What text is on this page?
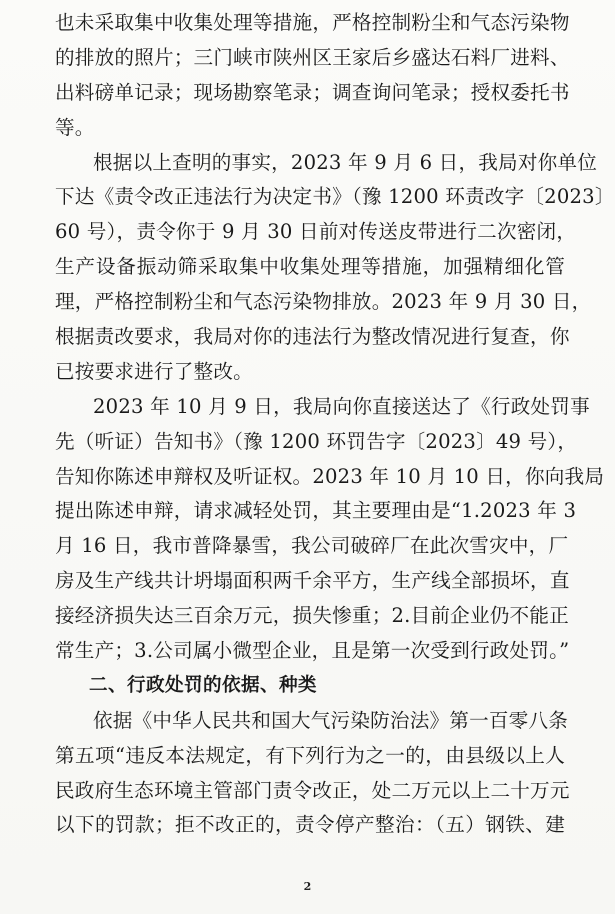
也未采取集中收集处理等措施，严格控制粉尘和气态污染物
的排放的照片；三门峡市陕州区王家后乡盛达石料厂进料、
出料磅单记录；现场勘察笔录；调查询问笔录；授权委托书
等。
根据以上查明的事实，2023 年 9 月 6 日，我局对你单位
下达《责令改正违法行为决定书》（豫 1200 环责改字〔2023〕
60 号），责令你于 9 月 30 日前对传送皮带进行二次密闭，
生产设备振动筛采取集中收集处理等措施，加强精细化管
理，严格控制粉尘和气态污染物排放。2023 年 9 月 30 日，
根据责改要求，我局对你的违法行为整改情况进行复查，你
已按要求进行了整改。
2023 年 10 月 9 日，我局向你直接送达了《行政处罚事
先（听证）告知书》（豫 1200 环罚告字〔2023〕49 号），
告知你陈述申辩权及听证权。2023 年 10 月 10 日，你向我局
提出陈述申辩，请求减轻处罚，其主要理由是“1.2023 年 3
月 16 日，我市普降暴雪，我公司破碎厂在此次雪灾中，厂
房及生产线共计坍塌面积两千余平方，生产线全部损坏，直
接经济损失达三百余万元，损失惨重；2.目前企业仍不能正
常生产；3.公司属小微型企业，且是第一次受到行政处罚。”
二、行政处罚的依据、种类
依据《中华人民共和国大气污染防治法》第一百零八条
第五项“违反本法规定，有下列行为之一的，由县级以上人
民政府生态环境主管部门责令改正，处二万元以上二十万元
以下的罚款；拒不改正的，责令停产整治：（五）钢铁、建
2
